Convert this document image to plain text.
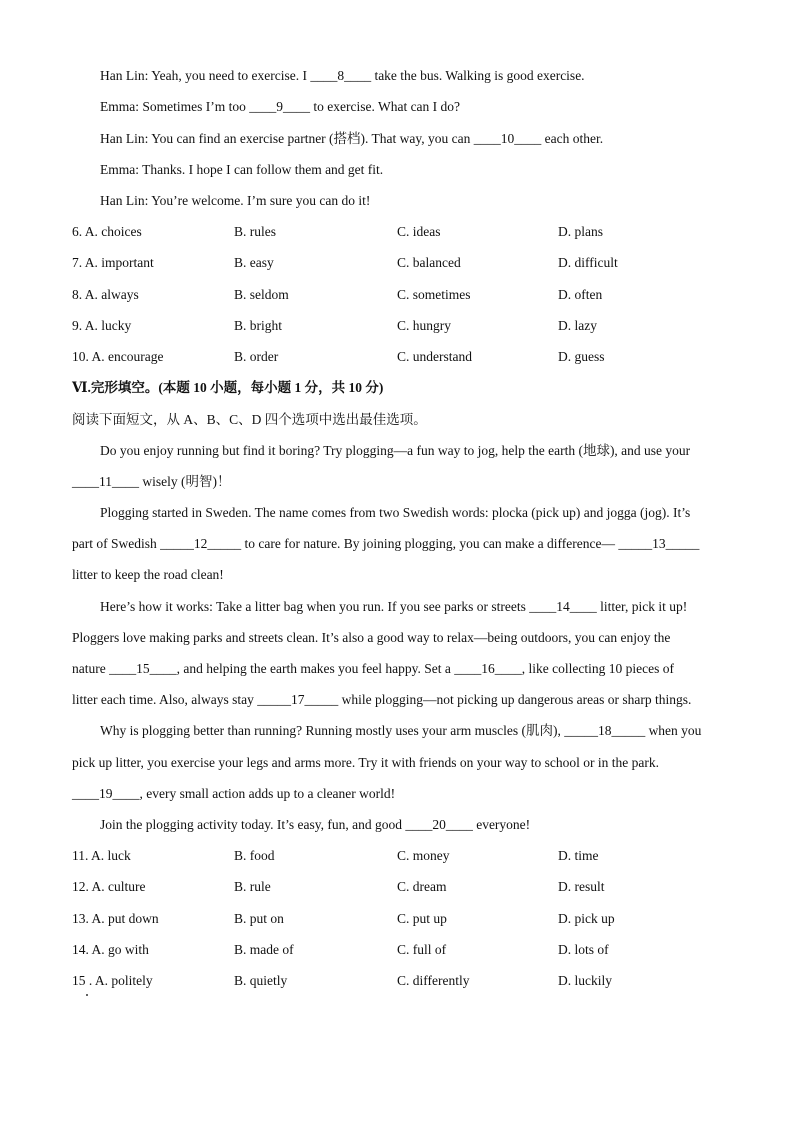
Han Lin: Yeah, you need to exercise. I ____8____ take the bus. Walking is good exercise.
Emma: Sometimes I’m too ____9____ to exercise. What can I do?
Han Lin: You can find an exercise partner (搭档). That way, you can ____10____ each other.
Emma: Thanks. I hope I can follow them and get fit.
Han Lin: You’re welcome. I’m sure you can do it!
6. A. choices	B. rules	C. ideas	D. plans
7. A. important	B. easy	C. balanced	D. difficult
8. A. always	B. seldom	C. sometimes	D. often
9. A. lucky	B. bright	C. hungry	D. lazy
10. A. encourage	B. order	C. understand	D. guess
Ⅵ.完形填空。(本题 10 小题，每小题 1 分，共 10 分)
阅读下面短文，从 A、B、C、D 四个选项中选出最佳选项。
Do you enjoy running but find it boring? Try plogging—a fun way to jog, help the earth (地球), and use your
____11____ wisely (明智)！
Plogging started in Sweden. The name comes from two Swedish words: plocka (pick up) and jogga (jog). It’s
part of Swedish _____12_____ to care for nature. By joining plogging, you can make a difference— _____13_____
litter to keep the road clean!
Here’s how it works: Take a litter bag when you run. If you see parks or streets ____14____ litter, pick it up!
Ploggers love making parks and streets clean. It’s also a good way to relax—being outdoors, you can enjoy the
nature ____15____, and helping the earth makes you feel happy. Set a ____16____, like collecting 10 pieces of
litter each time. Also, always stay _____17_____ while plogging—not picking up dangerous areas or sharp things.
Why is plogging better than running? Running mostly uses your arm muscles (肌肉), _____18_____ when you
pick up litter, you exercise your legs and arms more. Try it with friends on your way to school or in the park.
____19____, every small action adds up to a cleaner world!
Join the plogging activity today. It’s easy, fun, and good ____20____ everyone!
11. A. luck	B. food	C. money	D. time
12. A. culture	B. rule	C. dream	D. result
13. A. put down	B. put on	C. put up	D. pick up
14. A. go with	B. made of	C. full of	D. lots of
15 . A. politely	B. quietly	C. differently	D. luckily
